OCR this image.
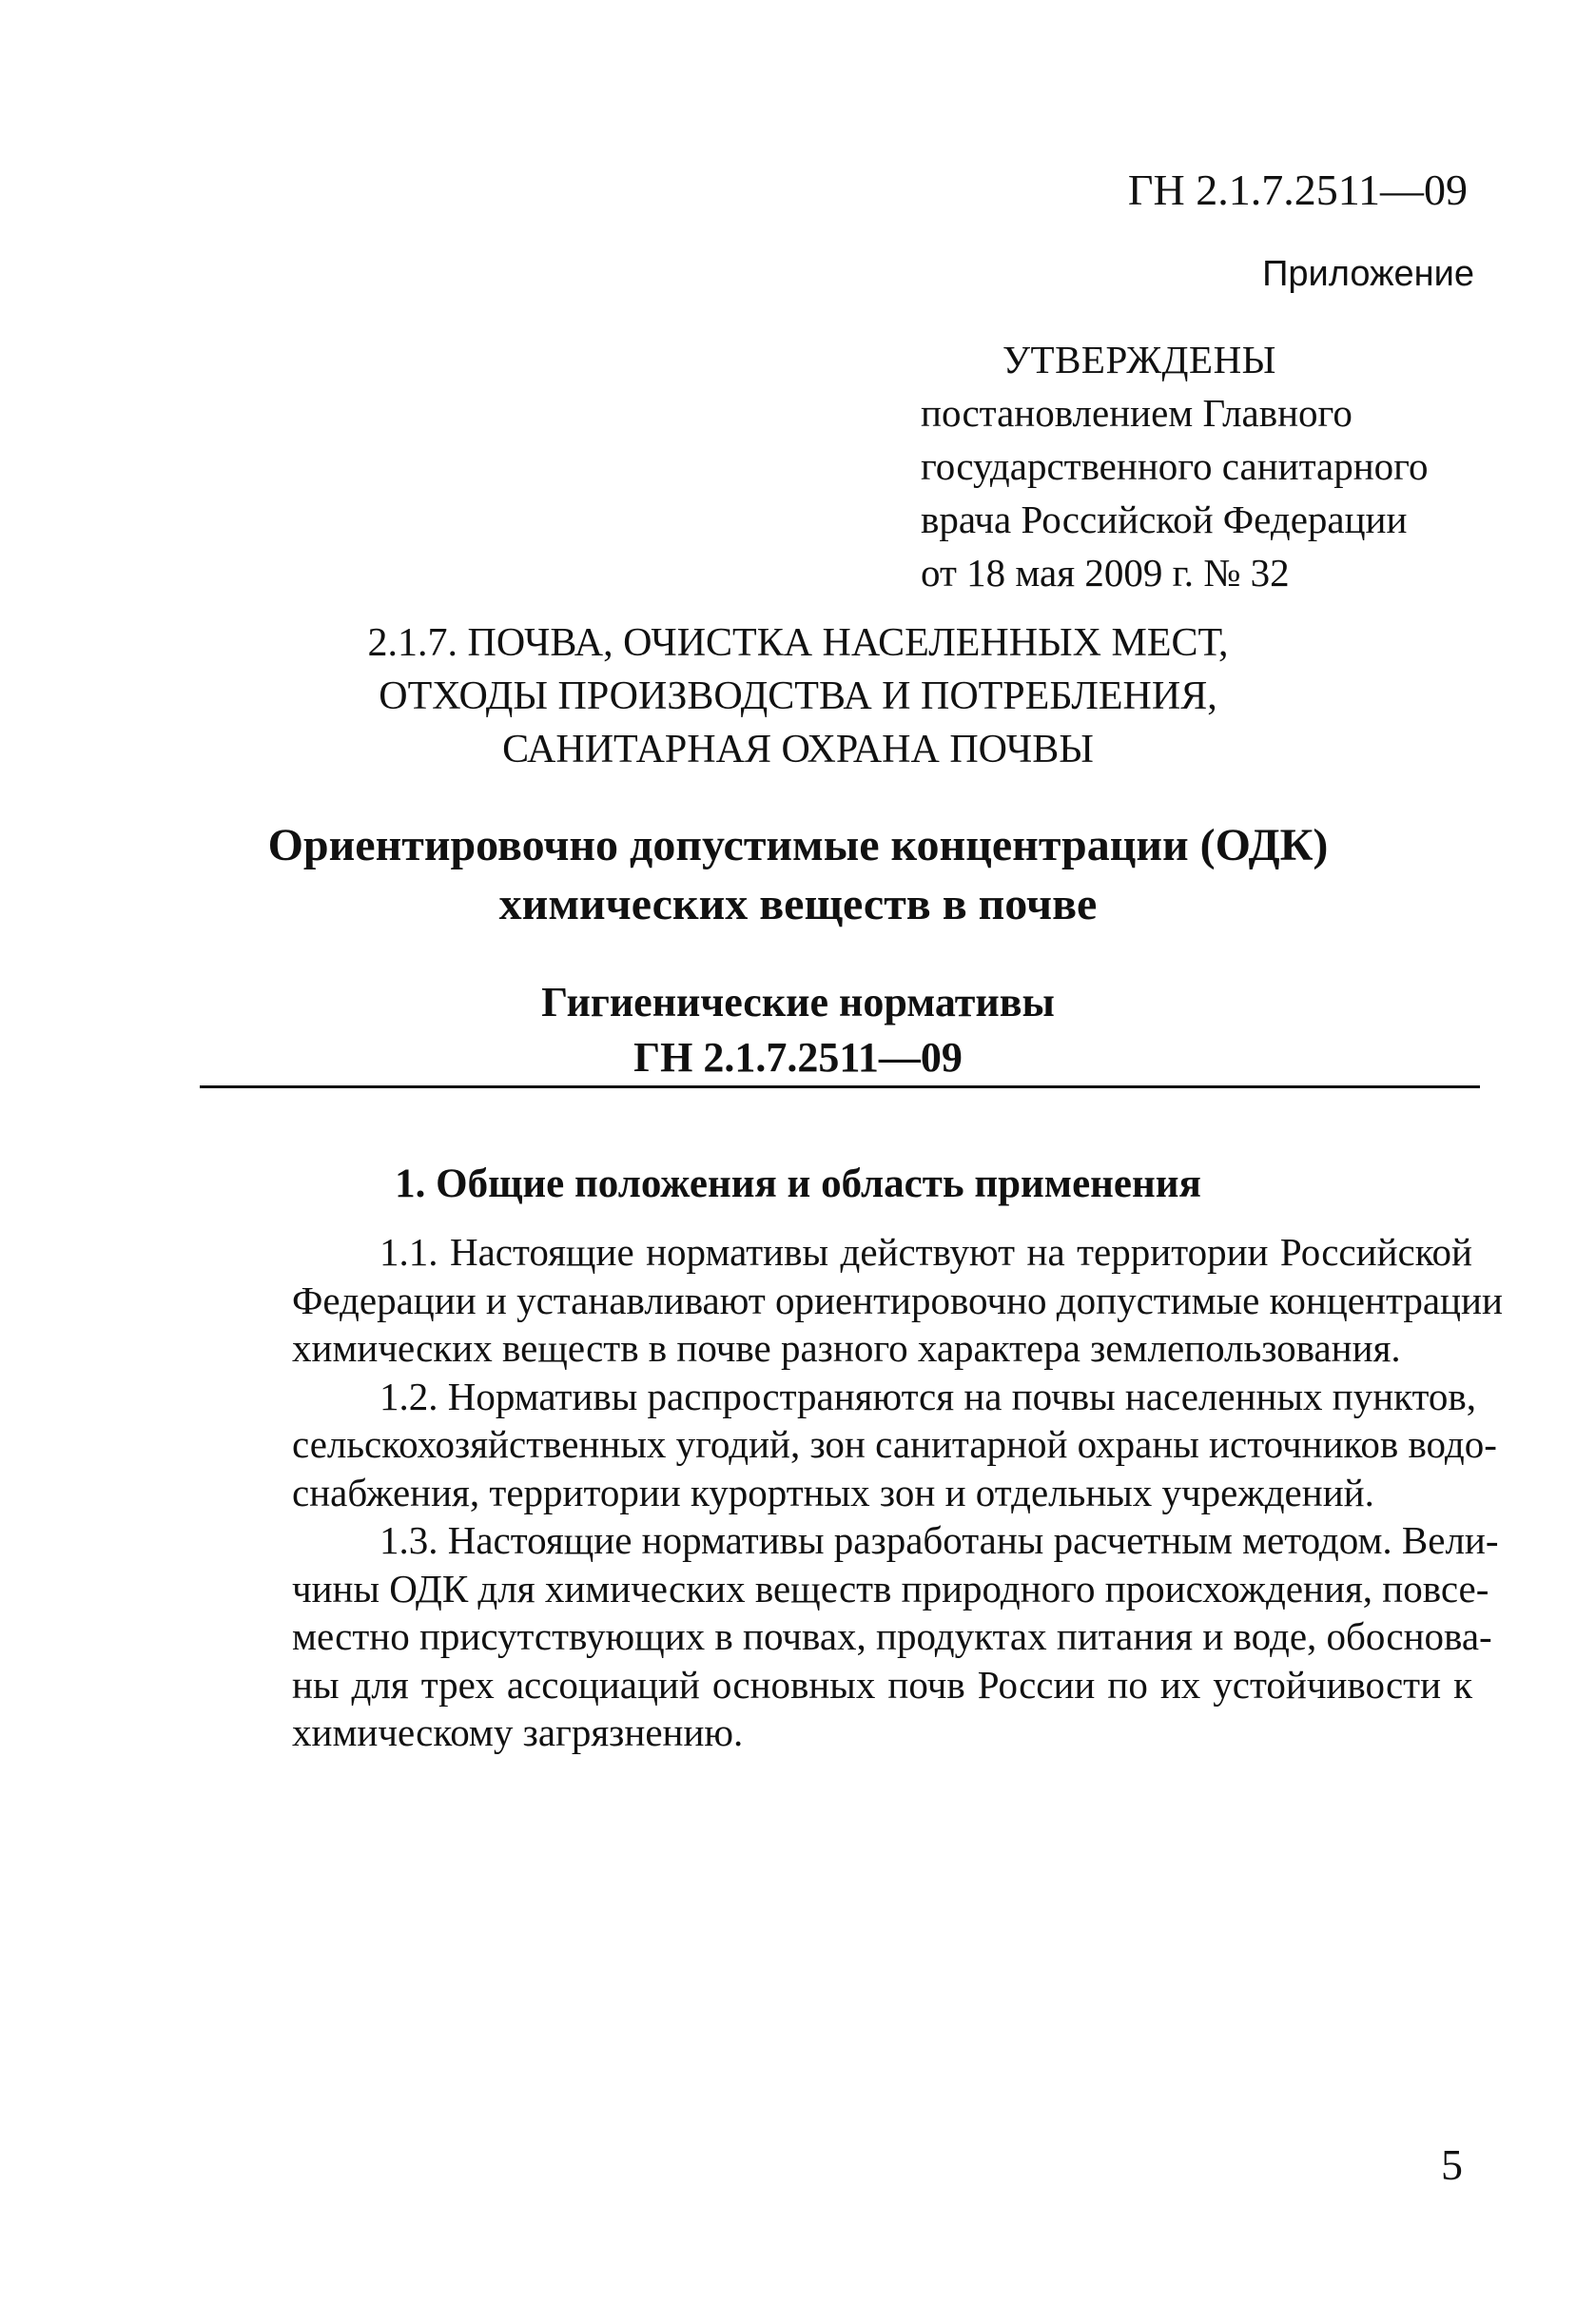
ГН 2.1.7.2511—09
Приложение
УТВЕРЖДЕНЫ
постановлением Главного
государственного санитарного
врача Российской Федерации
от 18 мая 2009 г. № 32
2.1.7. ПОЧВА, ОЧИСТКА НАСЕЛЕННЫХ МЕСТ,
ОТХОДЫ ПРОИЗВОДСТВА И ПОТРЕБЛЕНИЯ,
САНИТАРНАЯ ОХРАНА ПОЧВЫ
Ориентировочно допустимые концентрации (ОДК)
химических веществ в почве
Гигиенические нормативы
ГН 2.1.7.2511—09
1. Общие положения и область применения

1.1. Настоящие нормативы действуют на территории Российской
Федерации и устанавливают ориентировочно допустимые концентрации
химических веществ в почве разного характера землепользования.

1.2. Нормативы распространяются на почвы населенных пунктов,
сельскохозяйственных угодий, зон санитарной охраны источников водо-
снабжения, территории курортных зон и отдельных учреждений.

1.3. Настоящие нормативы разработаны расчетным методом. Вели-
чины ОДК для химических веществ природного происхождения, повсе-
местно присутствующих в почвах, продуктах питания и воде, обоснова-
ны для трех ассоциаций основных почв России по их устойчивости к
химическому загрязнению.

5
